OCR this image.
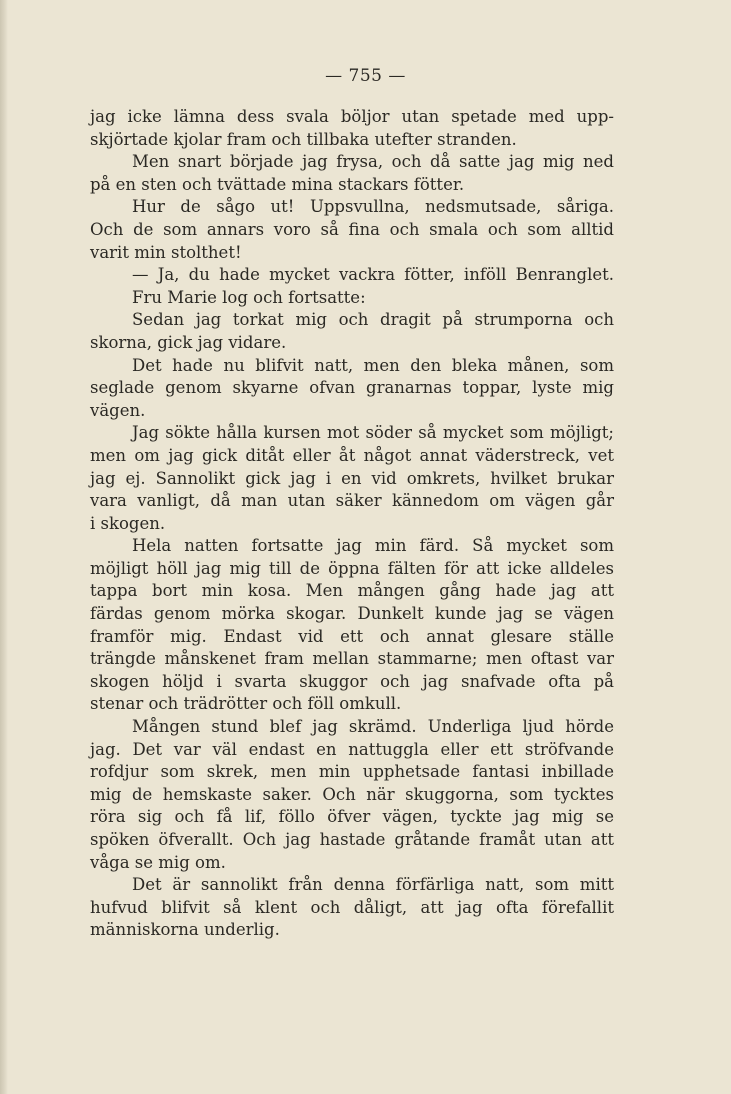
— 755 —
jag icke lämna dess svala böljor utan spetade med upp-
skjörtade kjolar fram och tillbaka utefter stranden.
Men snart började jag frysa, och då satte jag mig ned
på en sten och tvättade mina stackars fötter.
Hur de sågo ut! Uppsvullna, nedsmutsade, såriga.
Och de som annars voro så fina och smala och som alltid
varit min stolthet!
— Ja, du hade mycket vackra fötter, inföll Benranglet.
Fru Marie log och fortsatte:
Sedan jag torkat mig och dragit på strumporna och
skorna, gick jag vidare.
Det hade nu blifvit natt, men den bleka månen, som
seglade genom skyarne ofvan granarnas toppar, lyste mig
vägen.
Jag sökte hålla kursen mot söder så mycket som möjligt;
men om jag gick ditåt eller åt något annat väderstreck, vet
jag ej. Sannolikt gick jag i en vid omkrets, hvilket brukar
vara vanligt, då man utan säker kännedom om vägen går
i skogen.
Hela natten fortsatte jag min färd. Så mycket som
möjligt höll jag mig till de öppna fälten för att icke alldeles
tappa bort min kosa. Men mången gång hade jag att
färdas genom mörka skogar. Dunkelt kunde jag se vägen
framför mig. Endast vid ett och annat glesare ställe
trängde månskenet fram mellan stammarne; men oftast var
skogen höljd i svarta skuggor och jag snafvade ofta på
stenar och trädrötter och föll omkull.
Mången stund blef jag skrämd. Underliga ljud hörde
jag. Det var väl endast en nattuggla eller ett ströfvande
rofdjur som skrek, men min upphetsade fantasi inbillade
mig de hemskaste saker. Och när skuggorna, som tycktes
röra sig och få lif, föllo öfver vägen, tyckte jag mig se
spöken öfverallt. Och jag hastade gråtande framåt utan att
våga se mig om.
Det är sannolikt från denna förfärliga natt, som mitt
hufvud blifvit så klent och dåligt, att jag ofta förefallit
människorna underlig.
